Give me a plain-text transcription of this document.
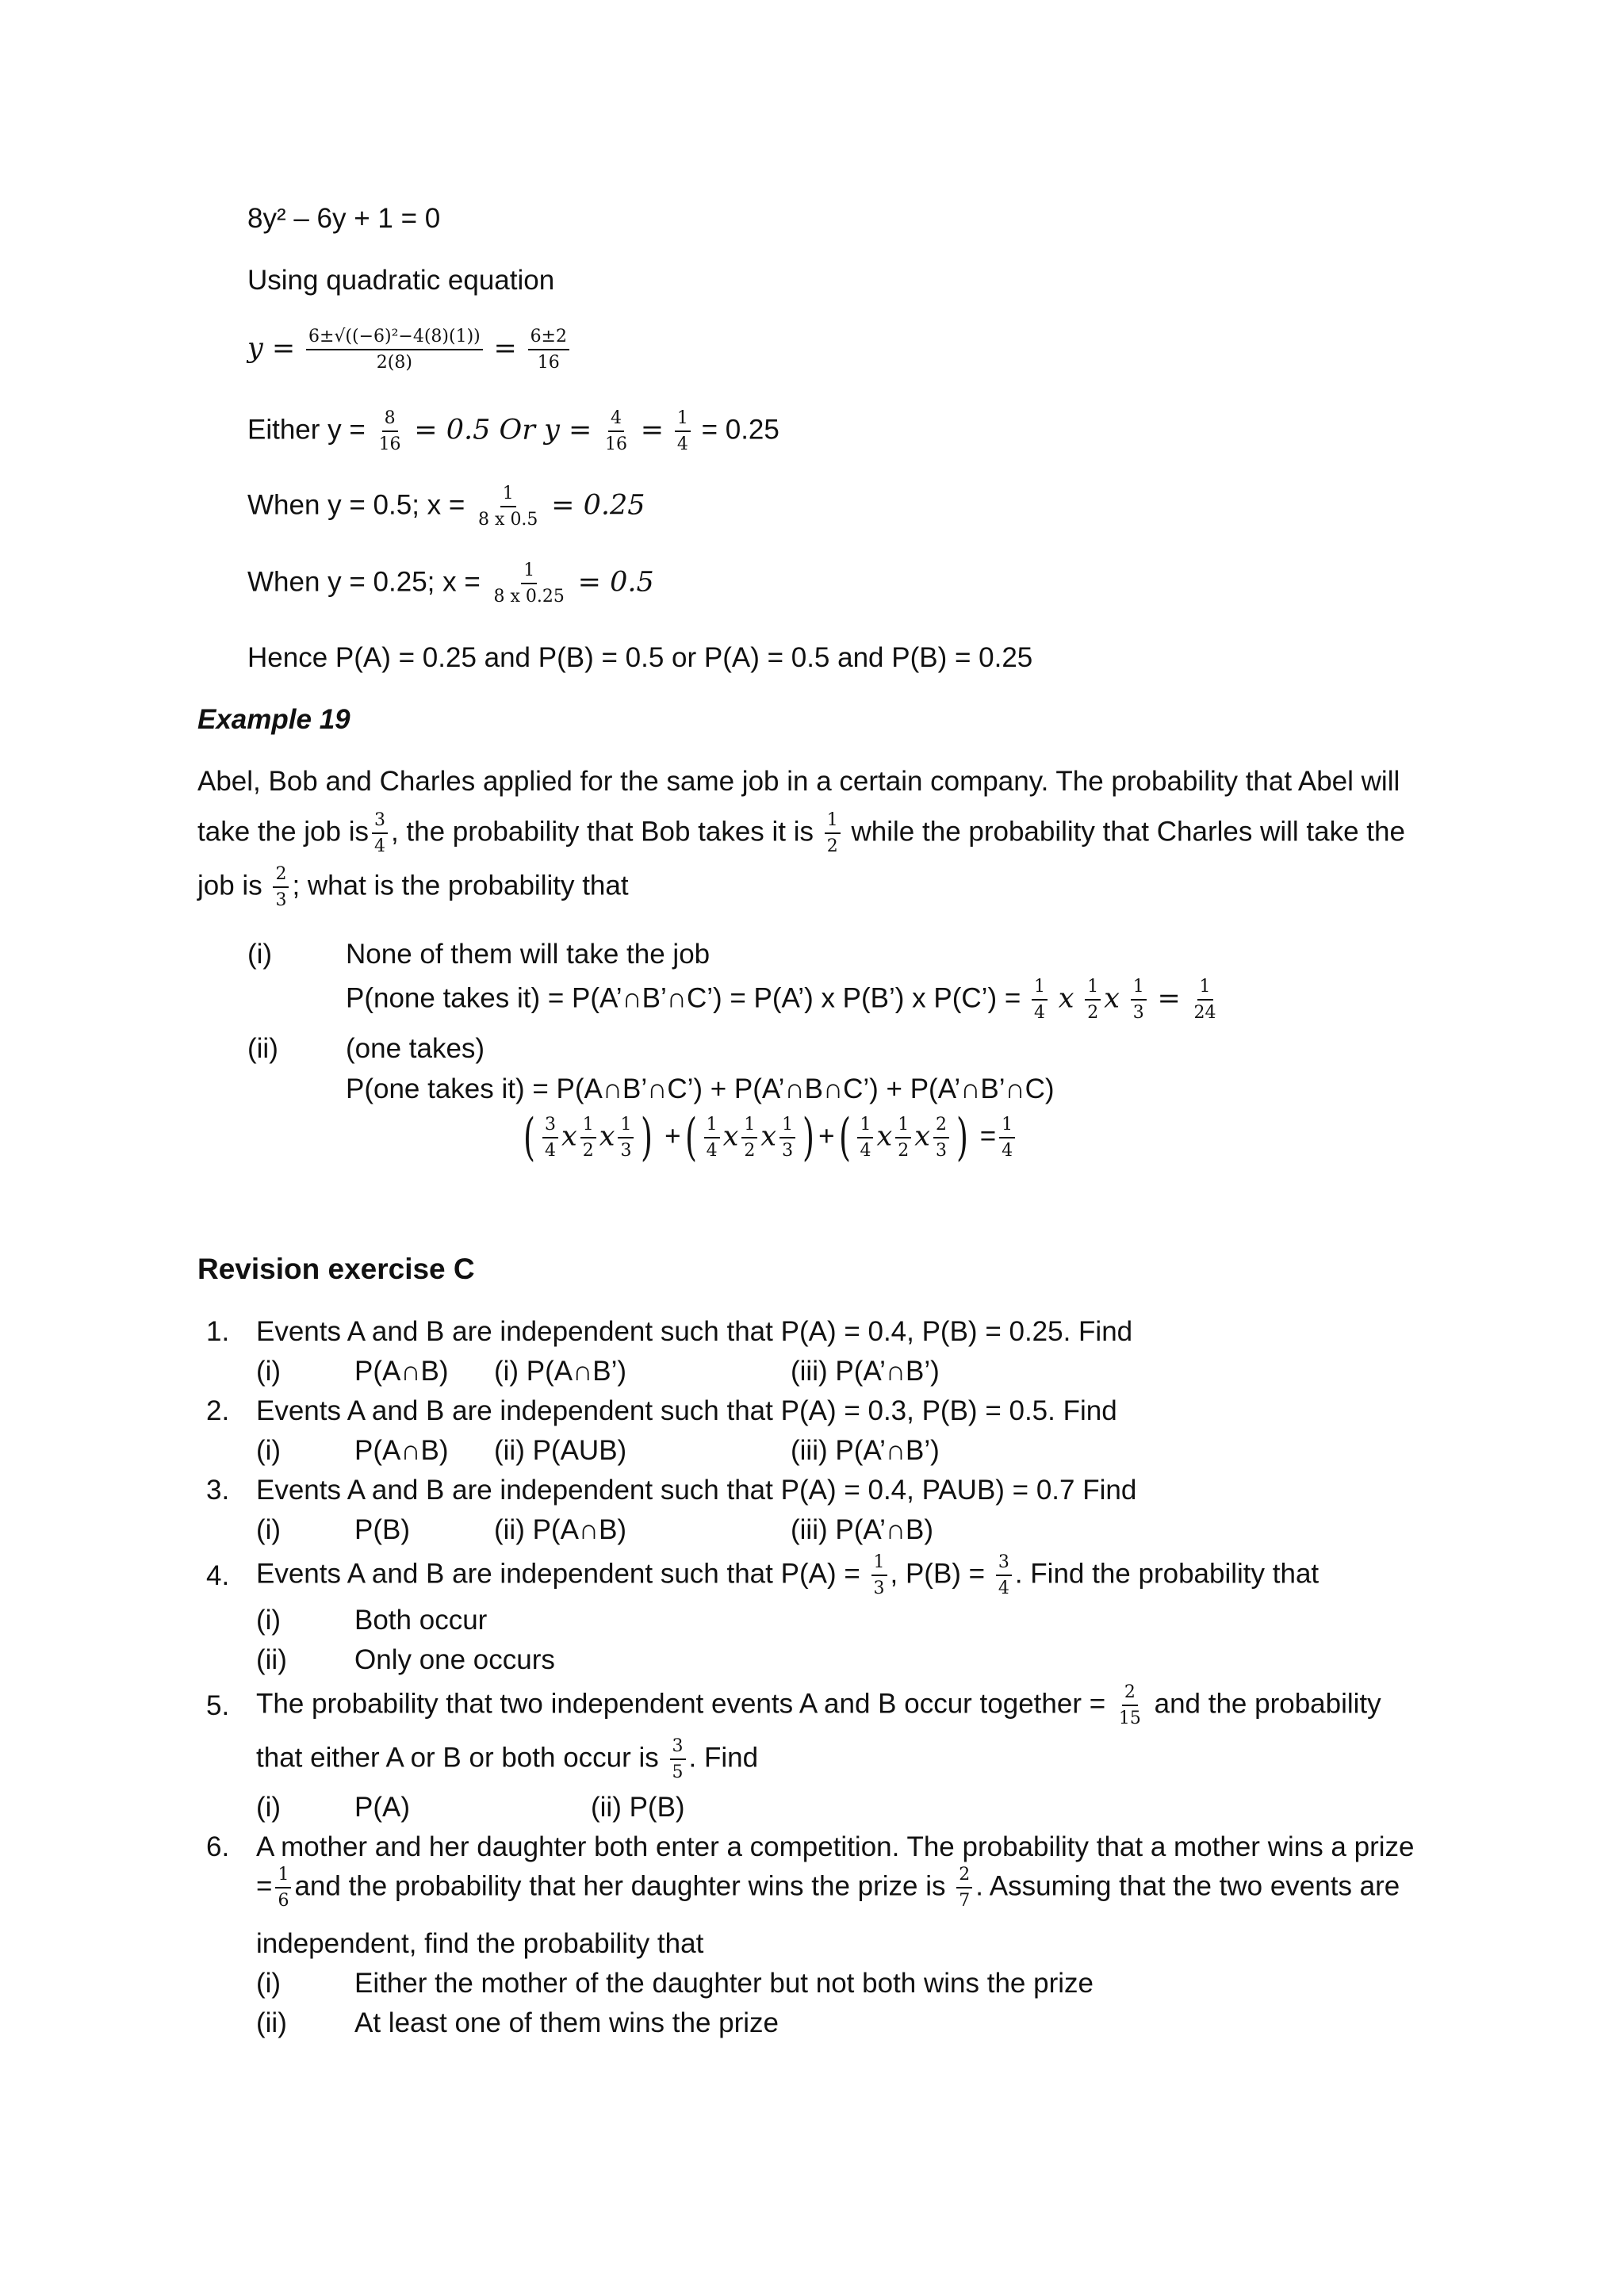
8y² – 6y + 1 = 0
Using quadratic equation
$y = \frac{\text{6±√((−6)²−4(8)(1))}}{2(8)} = \frac{6\pm 2}{16}$
Either $y = \frac{8}{16} = 0.5$ Or $y = \frac{4}{16} = \frac{1}{4} = 0.25$
When y = 0.5; $x = \frac{1}{8 x 0.5} = 0.25$
When y = 0.25; $x = \frac{1}{8 x 0.25} = 0.5$
Hence P(A) = 0.25 and P(B) = 0.5 or P(A) = 0.5 and P(B) = 0.25
Example 19
Abel, Bob and Charles applied for the same job in a certain company. The probability that Abel will
take the job is $\frac{3}{4}$ , the probability that Bob takes it is $\frac{1}{2}$ while the probability that Charles will take the
job is $\frac{2}{3}$ ; what is the probability that
(i)	None of them will take the job
P(none takes it) = P(A’∩B’∩C’) = P(A’) x P(B’) x P(C’) = $\frac{1}{4}$ x $\frac{1}{2}$ x $\frac{1}{3} = \frac{1}{24}$
(ii) (one takes)
P(one takes it) = P(A∩B’∩C’) + P(A’∩B∩C’) + P(A’∩B’∩C)
( $\frac{3}{4}$ x $\frac{1}{2}$ x $\frac{1}{3}$ ) +( $\frac{1}{4}$ x $\frac{1}{2}$ x $\frac{1}{3}$ ) +( $\frac{1}{4}$ x $\frac{1}{2}$ x $\frac{2}{3}$ ) = $\frac{1}{4}$
Revision exercise C
1. Events A and B are independent such that P(A) = 0.4, P(B) = 0.25. Find
(i)	P(A∩B) (i) P(A∩B’)	(iii) P(A’∩B’)
2. Events A and B are independent such that P(A) = 0.3, P(B) = 0.5. Find
(i)	P(A∩B) (ii) P(AUB)	(iii) P(A’∩B’)
3. Events A and B are independent such that P(A) = 0.4, PAUB) = 0.7 Find
(i)	P(B)	(ii) P(A∩B)	(iii) P(A’∩B)
4. Events A and B are independent such that $P(A) = \frac{1}{3}$ , $P(B) = \frac{3}{4}$ . Find the probability that
(i)	Both occur
(ii) Only one occurs
5. The probability that two independent events A and B occur together = $\frac{2}{15}$ and the probability
that either A or B or both occur is $\frac{3}{5}$ . Find
(i)	P(A)	(ii) P(B)
6. A mother and her daughter both enter a competition. The probability that a mother wins a prize
= $\frac{1}{6}$ and the probability that her daughter wins the prize is $\frac{2}{7}$ . Assuming that the two events are
independent, find the probability that
(i)	Either the mother of the daughter but not both wins the prize
(ii) At least one of them wins the prize
